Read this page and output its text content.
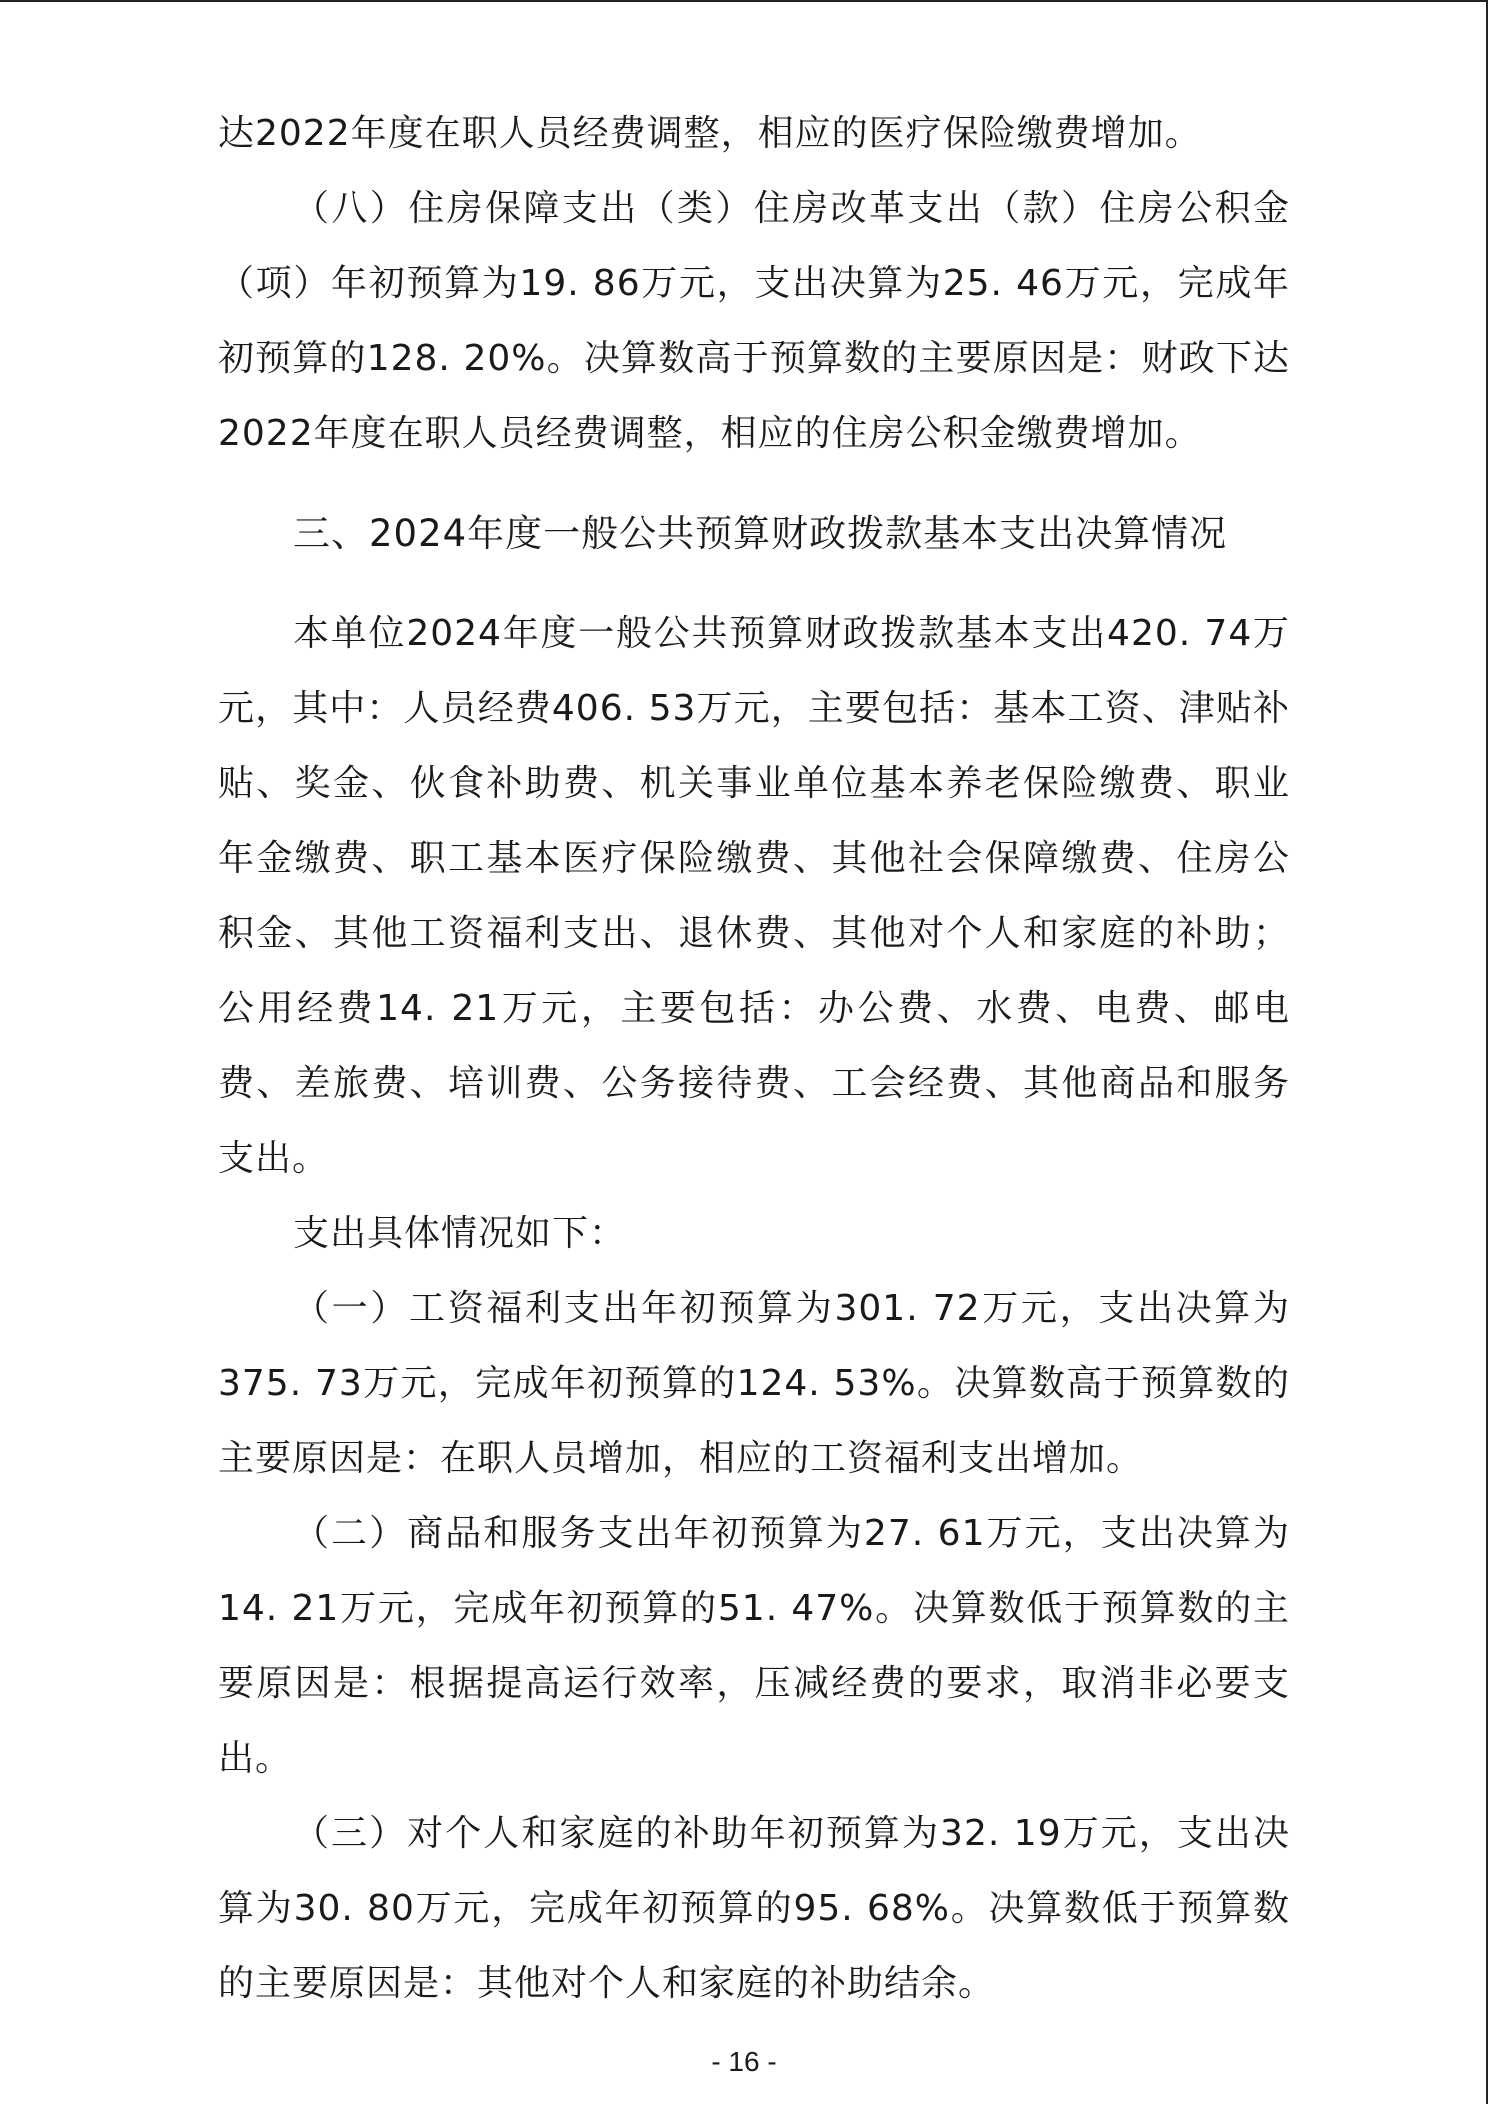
达2022年度在职人员经费调整，相应的医疗保险缴费增加。

（八）住房保障支出（类）住房改革支出（款）住房公积金（项）年初预算为19. 86万元，支出决算为25. 46万元，完成年初预算的128. 20%。决算数高于预算数的主要原因是：财政下达2022年度在职人员经费调整，相应的住房公积金缴费增加。

三、2024年度一般公共预算财政拨款基本支出决算情况

本单位2024年度一般公共预算财政拨款基本支出420. 74万元，其中：人员经费406. 53万元，主要包括：基本工资、津贴补贴、奖金、伙食补助费、机关事业单位基本养老保险缴费、职业年金缴费、职工基本医疗保险缴费、其他社会保障缴费、住房公积金、其他工资福利支出、退休费、其他对个人和家庭的补助；公用经费14. 21万元，主要包括：办公费、水费、电费、邮电费、差旅费、培训费、公务接待费、工会经费、其他商品和服务支出。

支出具体情况如下：

（一）工资福利支出年初预算为301. 72万元，支出决算为375. 73万元，完成年初预算的124. 53%。决算数高于预算数的主要原因是：在职人员增加，相应的工资福利支出增加。

（二）商品和服务支出年初预算为27. 61万元，支出决算为14. 21万元，完成年初预算的51. 47%。决算数低于预算数的主要原因是：根据提高运行效率，压减经费的要求，取消非必要支出。

（三）对个人和家庭的补助年初预算为32. 19万元，支出决算为30. 80万元，完成年初预算的95. 68%。决算数低于预算数的主要原因是：其他对个人和家庭的补助结余。

- 16 -
